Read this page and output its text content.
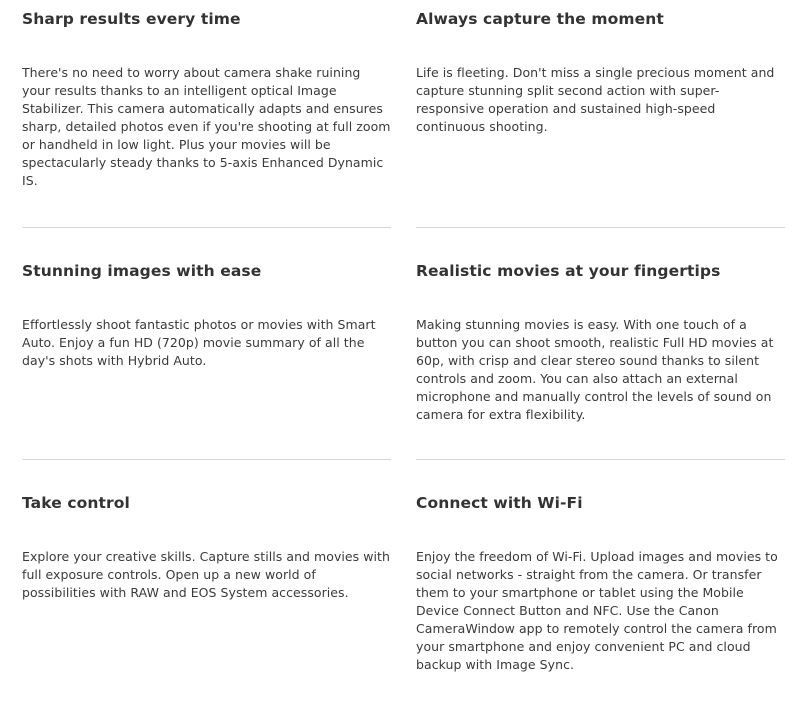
Sharp results every time

There's no need to worry about camera shake ruining your results thanks to an intelligent optical Image Stabilizer. This camera automatically adapts and ensures sharp, detailed photos even if you're shooting at full zoom or handheld in low light. Plus your movies will be spectacularly steady thanks to 5-axis Enhanced Dynamic IS.

Always capture the moment

Life is fleeting. Don't miss a single precious moment and capture stunning split second action with super-responsive operation and sustained high-speed continuous shooting.

Stunning images with ease

Effortlessly shoot fantastic photos or movies with Smart Auto. Enjoy a fun HD (720p) movie summary of all the day's shots with Hybrid Auto.

Realistic movies at your fingertips

Making stunning movies is easy. With one touch of a button you can shoot smooth, realistic Full HD movies at 60p, with crisp and clear stereo sound thanks to silent controls and zoom. You can also attach an external microphone and manually control the levels of sound on camera for extra flexibility.

Take control

Explore your creative skills. Capture stills and movies with full exposure controls. Open up a new world of possibilities with RAW and EOS System accessories.

Connect with Wi-Fi

Enjoy the freedom of Wi-Fi. Upload images and movies to social networks - straight from the camera. Or transfer them to your smartphone or tablet using the Mobile Device Connect Button and NFC. Use the Canon CameraWindow app to remotely control the camera from your smartphone and enjoy convenient PC and cloud backup with Image Sync.
